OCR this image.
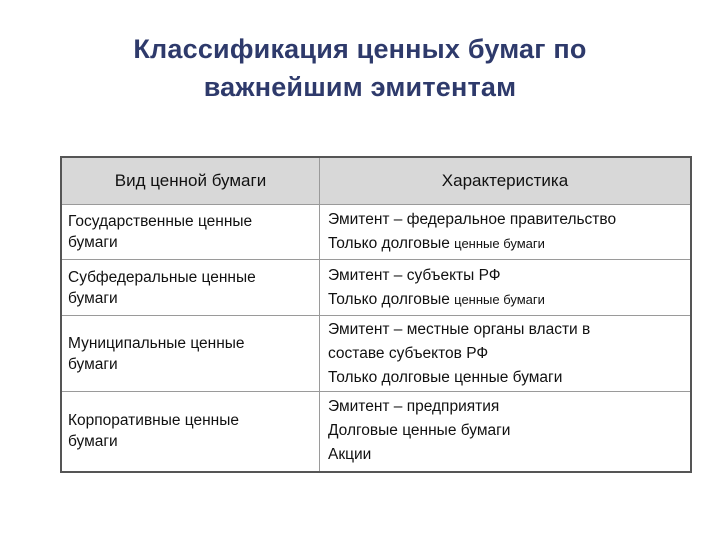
Классификация ценных бумаг по
важнейшим эмитентам
Вид ценной бумаги	Характеристика

Государственные ценные
бумаги	Эмитент – федеральное правительство
Только долговые ценные бумаги

Субфедеральные ценные
бумаги	Эмитент – субъекты РФ
Только долговые ценные бумаги

Муниципальные ценные
бумаги	Эмитент – местные органы власти в
составе субъектов РФ
Только долговые ценные бумаги

Корпоративные ценные
бумаги	Эмитент – предприятия
Долговые ценные бумаги
Акции
